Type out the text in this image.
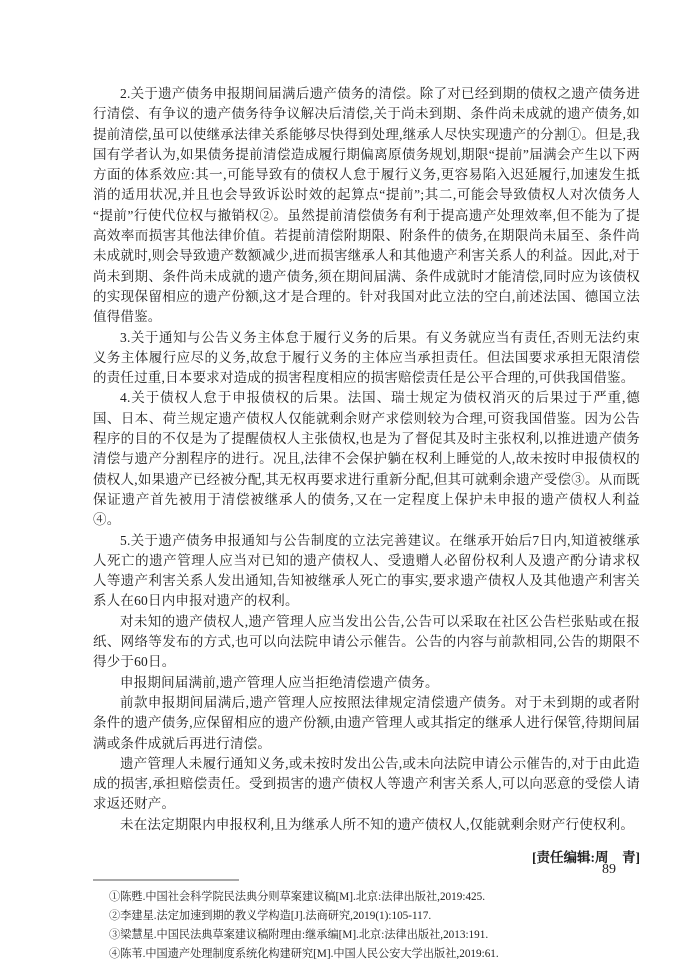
2.关于遗产债务申报期间届满后遗产债务的清偿。除了对已经到期的债权之遗产债务进行清偿、有争议的遗产债务待争议解决后清偿,关于尚未到期、条件尚未成就的遗产债务,如提前清偿,虽可以使继承法律关系能够尽快得到处理,继承人尽快实现遗产的分割①。但是,我国有学者认为,如果债务提前清偿造成履行期偏离原债务规划,期限“提前”届满会产生以下两方面的体系效应:其一,可能导致有的债权人怠于履行义务,更容易陷入迟延履行,加速发生抵消的适用状况,并且也会导致诉讼时效的起算点“提前”;其二,可能会导致债权人对次债务人“提前”行使代位权与撤销权②。虽然提前清偿债务有利于提高遗产处理效率,但不能为了提高效率而损害其他法律价值。若提前清偿附期限、附条件的债务,在期限尚未届至、条件尚未成就时,则会导致遗产数额减少,进而损害继承人和其他遗产利害关系人的利益。因此,对于尚未到期、条件尚未成就的遗产债务,须在期间届满、条件成就时才能清偿,同时应为该债权的实现保留相应的遗产份额,这才是合理的。针对我国对此立法的空白,前述法国、德国立法值得借鉴。

3.关于通知与公告义务主体怠于履行义务的后果。有义务就应当有责任,否则无法约束义务主体履行应尽的义务,故怠于履行义务的主体应当承担责任。但法国要求承担无限清偿的责任过重,日本要求对造成的损害程度相应的损害赔偿责任是公平合理的,可供我国借鉴。

4.关于债权人怠于申报债权的后果。法国、瑞士规定为债权消灭的后果过于严重,德国、日本、荷兰规定遗产债权人仅能就剩余财产求偿则较为合理,可资我国借鉴。因为公告程序的目的不仅是为了提醒债权人主张债权,也是为了督促其及时主张权利,以推进遗产债务清偿与遗产分割程序的进行。况且,法律不会保护躺在权利上睡觉的人,故未按时申报债权的债权人,如果遗产已经被分配,其无权再要求进行重新分配,但其可就剩余遗产受偿③。从而既保证遗产首先被用于清偿被继承人的债务,又在一定程度上保护未申报的遗产债权人利益④。

5.关于遗产债务申报通知与公告制度的立法完善建议。在继承开始后7日内,知道被继承人死亡的遗产管理人应当对已知的遗产债权人、受遗赠人必留份权利人及遗产酌分请求权人等遗产利害关系人发出通知,告知被继承人死亡的事实,要求遗产债权人及其他遗产利害关系人在60日内申报对遗产的权利。

对未知的遗产债权人,遗产管理人应当发出公告,公告可以采取在社区公告栏张贴或在报纸、网络等发布的方式,也可以向法院申请公示催告。公告的内容与前款相同,公告的期限不得少于60日。

申报期间届满前,遗产管理人应当拒绝清偿遗产债务。

前款申报期间届满后,遗产管理人应按照法律规定清偿遗产债务。对于未到期的或者附条件的遗产债务,应保留相应的遗产份额,由遗产管理人或其指定的继承人进行保管,待期间届满或条件成就后再进行清偿。

遗产管理人未履行通知义务,或未按时发出公告,或未向法院申请公示催告的,对于由此造成的损害,承担赔偿责任。受到损害的遗产债权人等遗产利害关系人,可以向恶意的受偿人请求返还财产。

未在法定期限内申报权利,且为继承人所不知的遗产债权人,仅能就剩余财产行使权利。

[责任编辑:周　青]

①陈甦.中国社会科学院民法典分则草案建议稿[M].北京:法律出版社,2019:425.

②李建星.法定加速到期的教义学构造[J].法商研究,2019(1):105-117.

③梁慧星.中国民法典草案建议稿附理由:继承编[M].北京:法律出版社,2013:191.

④陈苇.中国遗产处理制度系统化构建研究[M].中国人民公安大学出版社,2019:61.

89
